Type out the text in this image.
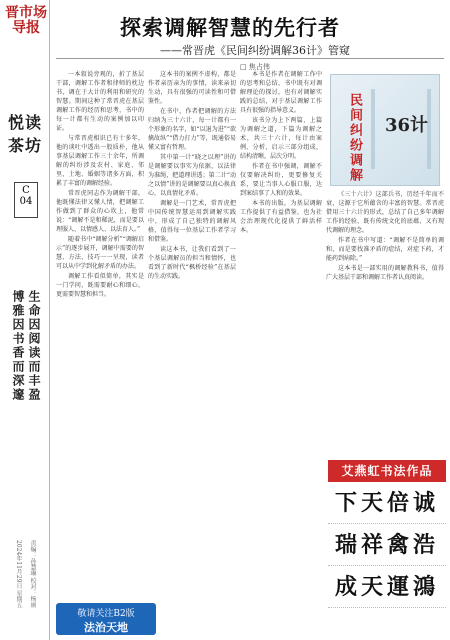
晋市场导报
悦读茶坊
C
04
生命因阅读而丰盈
博雅因书香而深邃
2024年11月29日 星期五 责编：孙慧琳 校对：杨丽
探索调解智慧的先行者
——常晋虎《民间纠纷调解36计》管窥
□ 焦占伟

一本叙说旁观的，折了基层干部，调解工作者和律师的枕边书，调在于大计的利用和研究的智慧。期间这种了常晋虎在基层调解工作的经历和思考，书中的每一计都有生动的案例加以印证。

与常晋虎相识已有十多年，他的谈吐中透出一股质朴，他从事基层调解工作三十余年，所调解的纠纷涉及农村、家庭、邻里、土地、婚姻等诸多方面，积累了丰富的调解经验。

常晋虎同志作为调解干部，他既懂法律又懂人情，把调解工作做到了群众的心坎上，他常说：“调解不是和稀泥，而是要以理服人、以情感人、以法育人。”

随着书中“调解分析”“调解启示”的逐步展开，调解中需要的智慧、方法、技巧一一呈现，读者可以从中学到化解矛盾的办法。

调解工作看似简单，其实是一门学问，既需要耐心和细心，更需要智慧和担当。

这本书的案例不虚构，都是作者亲历亲为的事情，读来亲切生动，具有很强的可读性和可借鉴性。

在书中，作者把调解的方法归纳为三十六计，每一计都有一个形象的名字，如“以退为进”“欲擒故纵”“借力打力”等，既通俗易懂又富有哲理。

其中第一计“晓之以理”讲的是调解要以事实为依据，以法律为准绳，把道理讲透；第二计“动之以情”讲的是调解要以真心换真心，以真情化矛盾。

调解是一门艺术，常晋虎把中国传统智慧运用到调解实践中，形成了自己独特的调解风格，值得每一位基层工作者学习和借鉴。

读这本书，让我们看到了一个基层调解员的担当和情怀，也看到了新时代“枫桥经验”在基层的生动实践。

本书是作者在调解工作中的思考和总结，书中既有对调解理论的探讨，也有对调解实践的总结，对于基层调解工作具有很强的指导意义。

该书分为上下两篇，上篇为调解之道，下篇为调解之术，共三十六计，每计由案例、分析、启示三部分组成，结构清晰，层次分明。

作者在书中强调，调解不仅要解决纠纷，更要修复关系，要让当事人心服口服，达到案结事了人和的效果。

本书的出版，为基层调解工作提供了有益借鉴，也为社会治理现代化提供了鲜活样本。

民间纠纷调解 36计

《三十六计》这部兵书，历经千年而不衰，这源于它所蕴含的丰富的智慧。常晋虎借用三十六计的形式，总结了自己多年调解工作的经验，既有传统文化的底蕴，又有现代调解的理念。

作者在书中写道：“调解不是简单的调和，而是要找准矛盾的症结，对症下药，才能药到病除。”

这本书是一部实用的调解教科书，值得广大基层干部和调解工作者认真阅读。

艾燕虹书法作品
下天倍诚
瑞祥禽浩
成天運鴻
敬请关注B2版
法治天地
